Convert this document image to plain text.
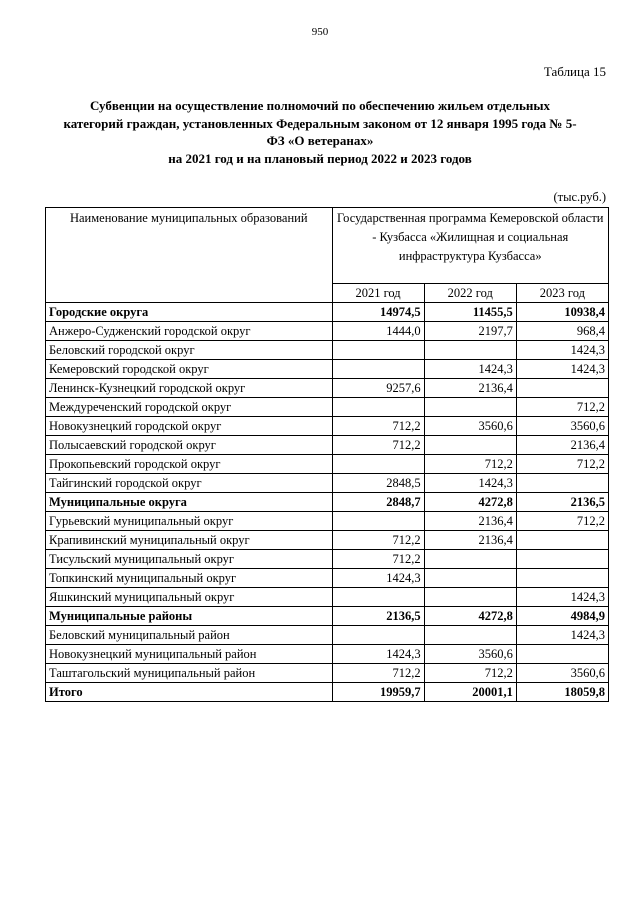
950
Таблица 15
Субвенции на осуществление полномочий по обеспечению жильем отдельных
категорий граждан, установленных Федеральным законом от 12 января 1995 года № 5-
ФЗ «О ветеранах»
на 2021 год и на плановый период 2022 и 2023 годов
(тыс.руб.)
Наименование муниципальных образований	Государственная программа Кемеровской области - Кузбасса «Жилищная и социальная инфраструктура Кузбасса»		
	2021 год	2022 год	2023 год
Городские округа	14974,5	11455,5	10938,4
Анжеро-Судженский городской округ	1444,0	2197,7	968,4
Беловский городской округ			1424,3
Кемеровский городской округ		1424,3	1424,3
Ленинск-Кузнецкий городской округ	9257,6	2136,4	
Междуреченский городской округ			712,2
Новокузнецкий городской округ	712,2	3560,6	3560,6
Полысаевский городской округ	712,2		2136,4
Прокопьевский городской округ		712,2	712,2
Тайгинский городской округ	2848,5	1424,3	
Муниципальные округа	2848,7	4272,8	2136,5
Гурьевский муниципальный округ		2136,4	712,2
Крапивинский муниципальный округ	712,2	2136,4	
Тисульский муниципальный округ	712,2		
Топкинский муниципальный округ	1424,3		
Яшкинский муниципальный округ			1424,3
Муниципальные районы	2136,5	4272,8	4984,9
Беловский муниципальный район			1424,3
Новокузнецкий муниципальный район	1424,3	3560,6	
Таштагольский муниципальный район	712,2	712,2	3560,6
Итого	19959,7	20001,1	18059,8
